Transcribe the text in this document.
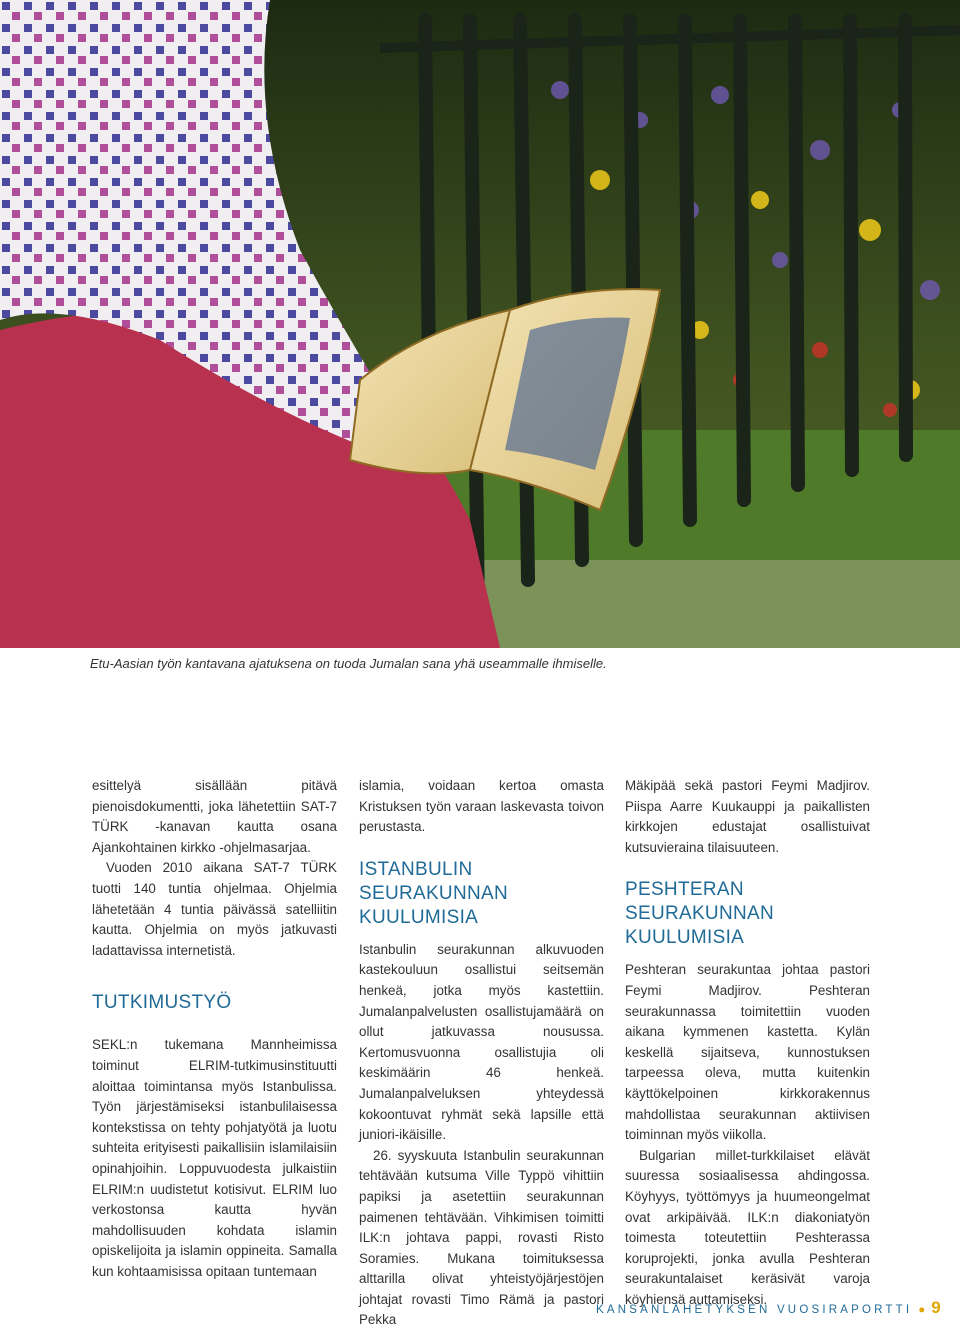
Etu-Aasian työn kantavana ajatuksena on tuoda Jumalan sana yhä useammalle ihmiselle.

esittelyä sisällään pitävä pienoisdokumentti, joka lähetettiin SAT-7 TÜRK -kanavan kautta osana Ajankohtainen kirkko -ohjelmasarjaa.

Vuoden 2010 aikana SAT-7 TÜRK tuotti 140 tuntia ohjelmaa. Ohjelmia lähetetään 4 tuntia päivässä satelliitin kautta. Ohjelmia on myös jatkuvasti ladattavissa internetistä.

TUTKIMUSTYÖ

SEKL:n tukemana Mannheimissa toiminut ELRIM-tutkimusinstituutti aloittaa toimintansa myös Istanbulissa. Työn järjestämiseksi istanbulilaisessa kontekstissa on tehty pohjatyötä ja luotu suhteita erityisesti paikallisiin islamilaisiin opinahjoihin. Loppuvuodesta julkaistiin ELRIM:n uudistetut kotisivut. ELRIM luo verkostonsa kautta hyvän mahdollisuuden kohdata islamin opiskelijoita ja islamin oppineita. Samalla kun kohtaamisissa opitaan tuntemaan

islamia, voidaan kertoa omasta Kristuksen työn varaan laskevasta toivon perustasta.

ISTANBULIN SEURAKUNNAN KUULUMISIA

Istanbulin seurakunnan alkuvuoden kastekouluun osallistui seitsemän henkeä, jotka myös kastettiin. Jumalanpalvelusten osallistujamäärä on ollut jatkuvassa nousussa. Kertomusvuonna osallistujia oli keskimäärin 46 henkeä. Jumalanpalveluksen yhteydessä kokoontuvat ryhmät sekä lapsille että juniori-ikäisille.

26. syyskuuta Istanbulin seurakunnan tehtävään kutsuma Ville Typpö vihittiin papiksi ja asetettiin seurakunnan paimenen tehtävään. Vihkimisen toimitti ILK:n johtava pappi, rovasti Risto Soramies. Mukana toimituksessa alttarilla olivat yhteistyöjärjestöjen johtajat rovasti Timo Rämä ja pastori Pekka

Mäkipää sekä pastori Feymi Madjirov. Piispa Aarre Kuukauppi ja paikallisten kirkkojen edustajat osallistuivat kutsuvieraina tilaisuuteen.

PESHTERAN SEURAKUNNAN KUULUMISIA

Peshteran seurakuntaa johtaa pastori Feymi Madjirov. Peshteran seurakunnassa toimitettiin vuoden aikana kymmenen kastetta. Kylän keskellä sijaitseva, kunnostuksen tarpeessa oleva, mutta kuitenkin käyttökelpoinen kirkkorakennus mahdollistaa seurakunnan aktiivisen toiminnan myös viikolla.

Bulgarian millet-turkkilaiset elävät suuressa sosiaalisessa ahdingossa. Köyhyys, työttömyys ja huumeongelmat ovat arkipäivää. ILK:n diakoniatyön toimesta toteutettiin Peshterassa koruprojekti, jonka avulla Peshteran seurakuntalaiset keräsivät varoja köyhiensä auttamiseksi.

KANSANLÄHETYKSEN VUOSIRAPORTTI ● 9
